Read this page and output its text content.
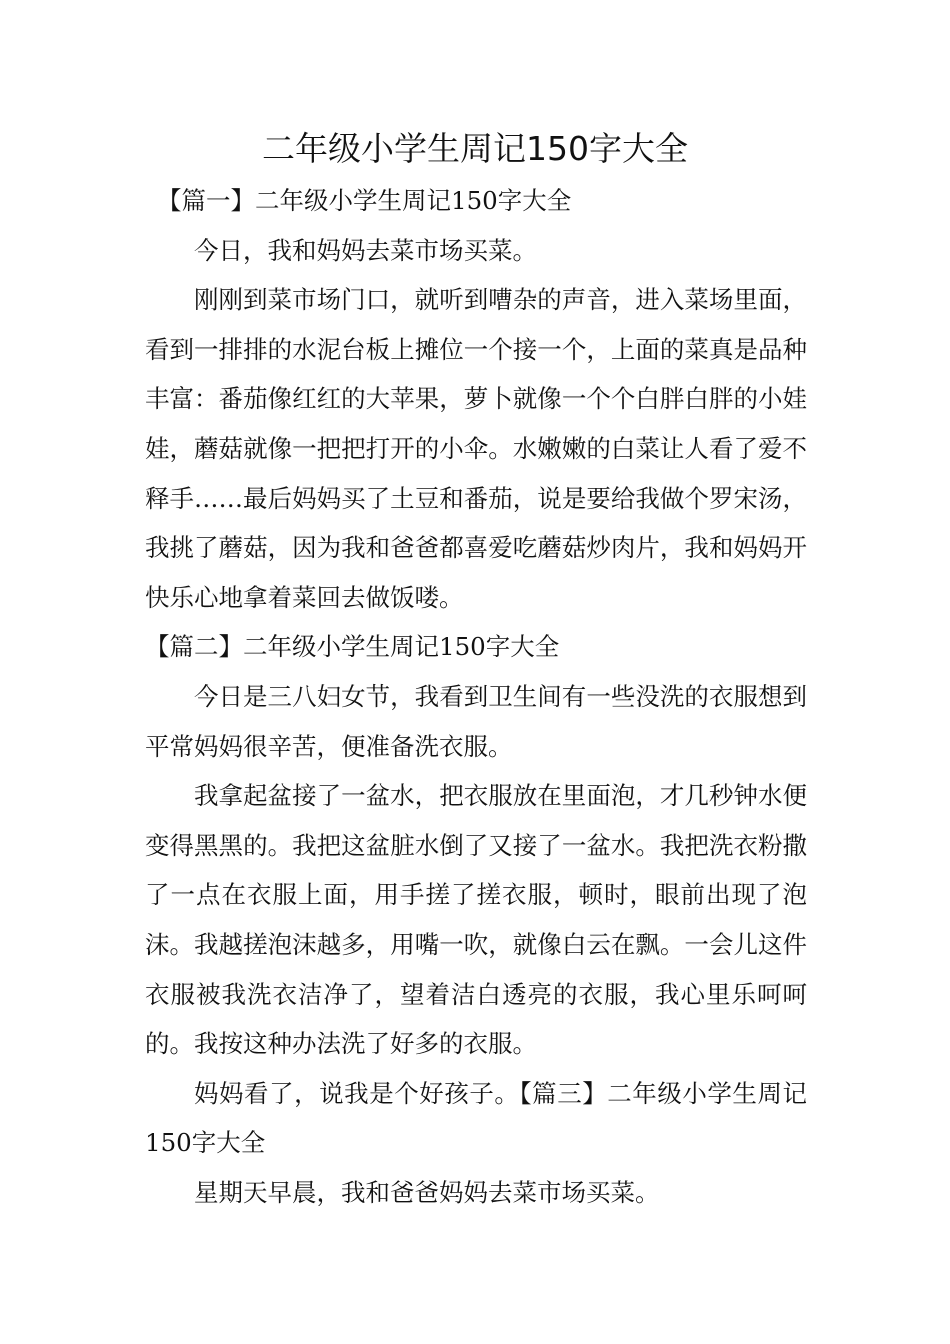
二年级小学生周记150字大全

【篇一】二年级小学生周记150字大全

今日，我和妈妈去菜市场买菜。

刚刚到菜市场门口，就听到嘈杂的声音，进入菜场里面，看到一排排的水泥台板上摊位一个接一个，上面的菜真是品种丰富：番茄像红红的大苹果，萝卜就像一个个白胖白胖的小娃娃，蘑菇就像一把把打开的小伞。水嫩嫩的白菜让人看了爱不释手……最后妈妈买了土豆和番茄，说是要给我做个罗宋汤，我挑了蘑菇，因为我和爸爸都喜爱吃蘑菇炒肉片，我和妈妈开快乐心地拿着菜回去做饭喽。

【篇二】二年级小学生周记150字大全

今日是三八妇女节，我看到卫生间有一些没洗的衣服想到平常妈妈很辛苦，便准备洗衣服。

我拿起盆接了一盆水，把衣服放在里面泡，才几秒钟水便变得黑黑的。我把这盆脏水倒了又接了一盆水。我把洗衣粉撒了一点在衣服上面，用手搓了搓衣服，顿时，眼前出现了泡沫。我越搓泡沫越多，用嘴一吹，就像白云在飘。一会儿这件衣服被我洗衣洁净了，望着洁白透亮的衣服，我心里乐呵呵的。我按这种办法洗了好多的衣服。

妈妈看了，说我是个好孩子。【篇三】二年级小学生周记150字大全

星期天早晨，我和爸爸妈妈去菜市场买菜。
